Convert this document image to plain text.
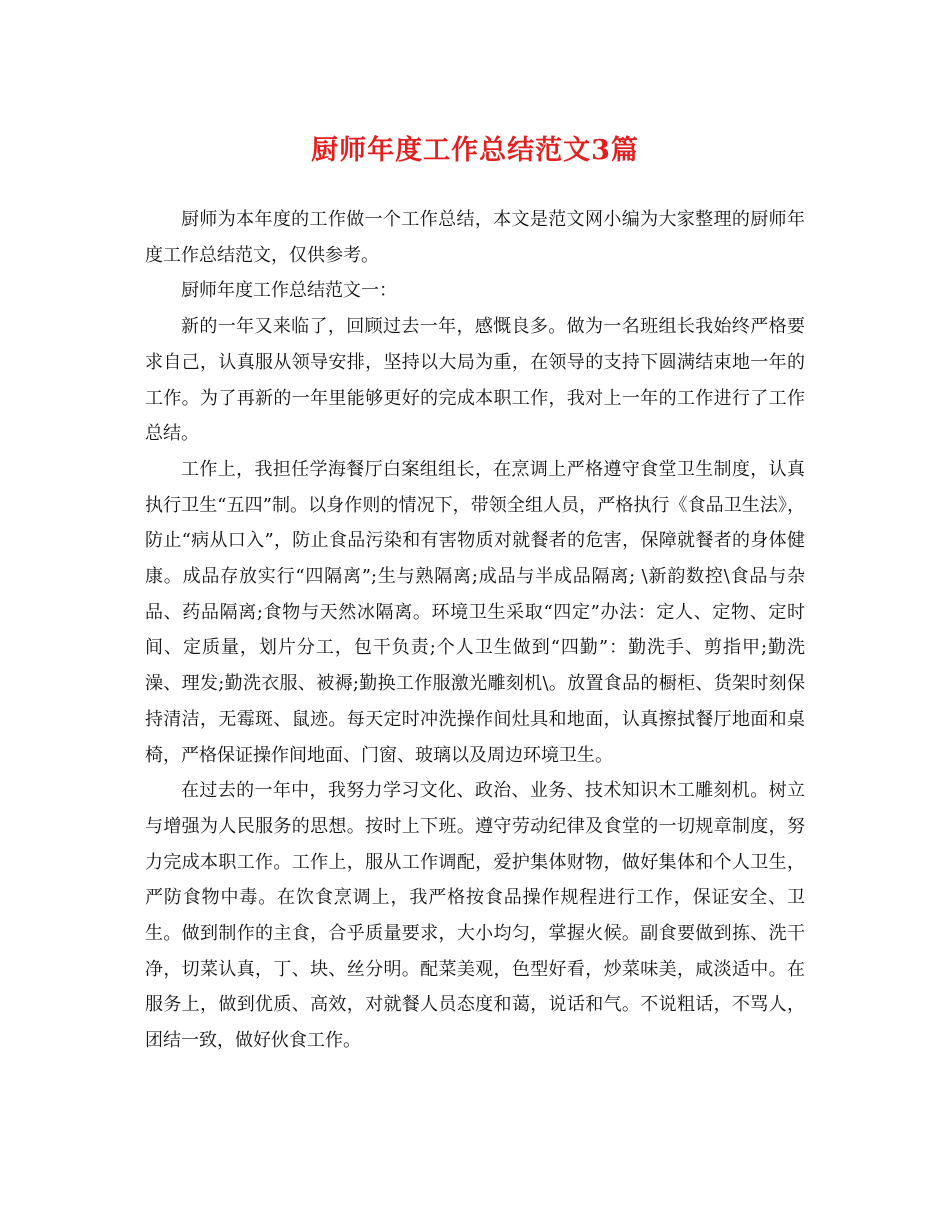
厨师年度工作总结范文3篇

厨师为本年度的工作做一个工作总结，本文是范文网小编为大家整理的厨师年度工作总结范文，仅供参考。

厨师年度工作总结范文一：

新的一年又来临了，回顾过去一年，感慨良多。做为一名班组长我始终严格要求自己，认真服从领导安排，坚持以大局为重，在领导的支持下圆满结束地一年的工作。为了再新的一年里能够更好的完成本职工作，我对上一年的工作进行了工作总结。

工作上，我担任学海餐厅白案组组长，在烹调上严格遵守食堂卫生制度，认真执行卫生“五四”制。以身作则的情况下，带领全组人员，严格执行《食品卫生法》，防止“病从口入”，防止食品污染和有害物质对就餐者的危害，保障就餐者的身体健康。成品存放实行“四隔离”;生与熟隔离;成品与半成品隔离; \新韵数控\食品与杂品、药品隔离;食物与天然冰隔离。环境卫生采取“四定”办法：定人、定物、定时间、定质量，划片分工，包干负责;个人卫生做到“四勤”：勤洗手、剪指甲;勤洗澡、理发;勤洗衣服、被褥;勤换工作服激光雕刻机\。放置食品的橱柜、货架时刻保持清洁，无霉斑、鼠迹。每天定时冲洗操作间灶具和地面，认真擦拭餐厅地面和桌椅，严格保证操作间地面、门窗、玻璃以及周边环境卫生。

在过去的一年中，我努力学习文化、政治、业务、技术知识木工雕刻机。树立与增强为人民服务的思想。按时上下班。遵守劳动纪律及食堂的一切规章制度，努力完成本职工作。工作上，服从工作调配，爱护集体财物，做好集体和个人卫生，严防食物中毒。在饮食烹调上，我严格按食品操作规程进行工作，保证安全、卫生。做到制作的主食，合乎质量要求，大小均匀，掌握火候。副食要做到拣、洗干净，切菜认真，丁、块、丝分明。配菜美观，色型好看，炒菜味美，咸淡适中。在服务上，做到优质、高效，对就餐人员态度和蔼，说话和气。不说粗话，不骂人，团结一致，做好伙食工作。
